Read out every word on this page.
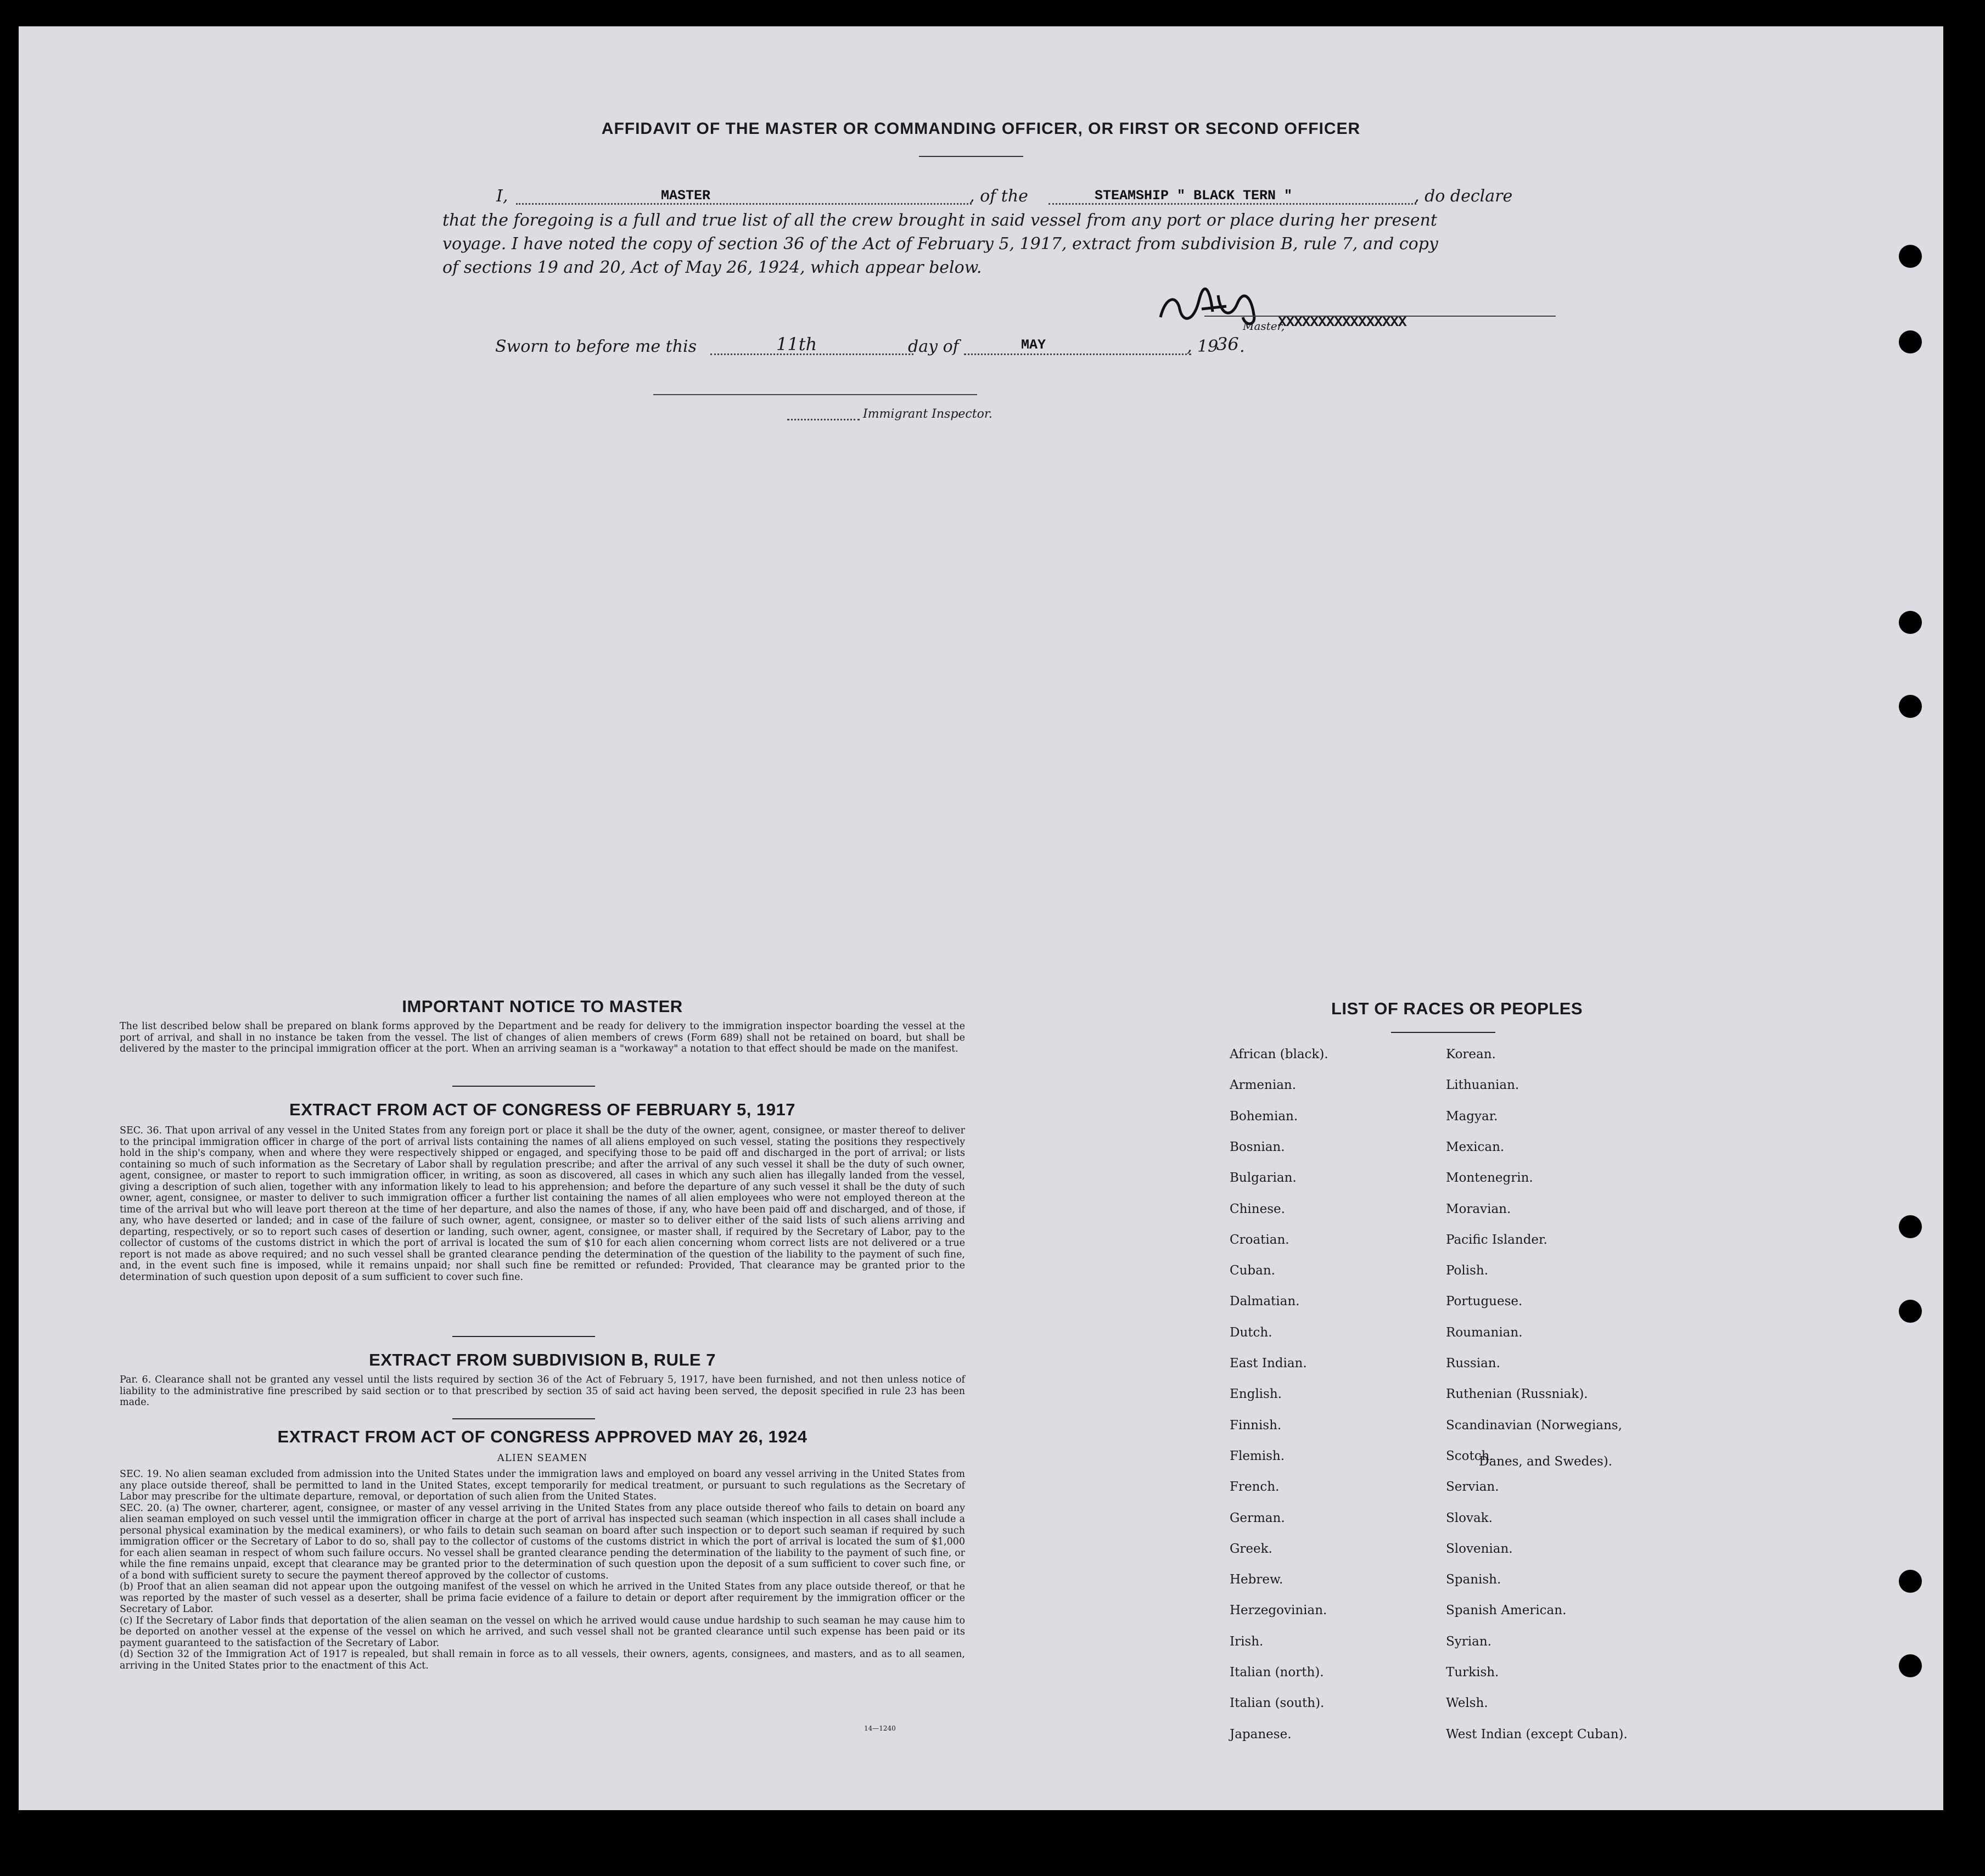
AFFIDAVIT OF THE MASTER OR COMMANDING OFFICER, OR FIRST OR SECOND OFFICER
I,	MASTER	, of the	STEAMSHIP " BLACK TERN "	, do declare
that the foregoing is a full and true list of all the crew brought in said vessel from any port or place during her present
voyage. I have noted the copy of section 36 of the Act of February 5, 1917, extract from subdivision B, rule 7, and copy
of sections 19 and 20, Act of May 26, 1924, which appear below.
Master,
XXXXXXXXXXXXXXXX
Sworn to before me this	11th	day of	MAY	, 19
36 .
Immigrant Inspector.
IMPORTANT NOTICE TO MASTER
The list described below shall be prepared on blank forms approved by the Department and be ready for delivery to the immigration inspector boarding the vessel at the port of arrival, and shall in no instance be taken from the vessel. The list of changes of alien members of crews (Form 689) shall not be retained on board, but shall be delivered by the master to the principal immigration officer at the port. When an arriving seaman is a "workaway" a notation to that effect should be made on the manifest.
EXTRACT FROM ACT OF CONGRESS OF FEBRUARY 5, 1917
SEC. 36. That upon arrival of any vessel in the United States from any foreign port or place it shall be the duty of the owner, agent, consignee, or master thereof to deliver to the principal immigration officer in charge of the port of arrival lists containing the names of all aliens employed on such vessel, stating the positions they respectively hold in the ship's company, when and where they were respectively shipped or engaged, and specifying those to be paid off and discharged in the port of arrival; or lists containing so much of such information as the Secretary of Labor shall by regulation prescribe; and after the arrival of any such vessel it shall be the duty of such owner, agent, consignee, or master to report to such immigration officer, in writing, as soon as discovered, all cases in which any such alien has illegally landed from the vessel, giving a description of such alien, together with any information likely to lead to his apprehension; and before the departure of any such vessel it shall be the duty of such owner, agent, consignee, or master to deliver to such immigration officer a further list containing the names of all alien employees who were not employed thereon at the time of the arrival but who will leave port thereon at the time of her departure, and also the names of those, if any, who have been paid off and discharged, and of those, if any, who have deserted or landed; and in case of the failure of such owner, agent, consignee, or master so to deliver either of the said lists of such aliens arriving and departing, respectively, or so to report such cases of desertion or landing, such owner, agent, consignee, or master shall, if required by the Secretary of Labor, pay to the collector of customs of the customs district in which the port of arrival is located the sum of $10 for each alien concerning whom correct lists are not delivered or a true report is not made as above required; and no such vessel shall be granted clearance pending the determination of the question of the liability to the payment of such fine, and, in the event such fine is imposed, while it remains unpaid; nor shall such fine be remitted or refunded: Provided, That clearance may be granted prior to the determination of such question upon deposit of a sum sufficient to cover such fine.
EXTRACT FROM SUBDIVISION B, RULE 7
Par. 6. Clearance shall not be granted any vessel until the lists required by section 36 of the Act of February 5, 1917, have been furnished, and not then unless notice of liability to the administrative fine prescribed by said section or to that prescribed by section 35 of said act having been served, the deposit specified in rule 23 has been made.
EXTRACT FROM ACT OF CONGRESS APPROVED MAY 26, 1924
ALIEN SEAMEN
SEC. 19. No alien seaman excluded from admission into the United States under the immigration laws and employed on board any vessel arriving in the United States from any place outside thereof, shall be permitted to land in the United States, except temporarily for medical treatment, or pursuant to such regulations as the Secretary of Labor may prescribe for the ultimate departure, removal, or deportation of such alien from the United States.
SEC. 20. (a) The owner, charterer, agent, consignee, or master of any vessel arriving in the United States from any place outside thereof who fails to detain on board any alien seaman employed on such vessel until the immigration officer in charge at the port of arrival has inspected such seaman (which inspection in all cases shall include a personal physical examination by the medical examiners), or who fails to detain such seaman on board after such inspection or to deport such seaman if required by such immigration officer or the Secretary of Labor to do so, shall pay to the collector of customs of the customs district in which the port of arrival is located the sum of $1,000 for each alien seaman in respect of whom such failure occurs. No vessel shall be granted clearance pending the determination of the liability to the payment of such fine, or while the fine remains unpaid, except that clearance may be granted prior to the determination of such question upon the deposit of a sum sufficient to cover such fine, or of a bond with sufficient surety to secure the payment thereof approved by the collector of customs.
(b) Proof that an alien seaman did not appear upon the outgoing manifest of the vessel on which he arrived in the United States from any place outside thereof, or that he was reported by the master of such vessel as a deserter, shall be prima facie evidence of a failure to detain or deport after requirement by the immigration officer or the Secretary of Labor.
(c) If the Secretary of Labor finds that deportation of the alien seaman on the vessel on which he arrived would cause undue hardship to such seaman he may cause him to be deported on another vessel at the expense of the vessel on which he arrived, and such vessel shall not be granted clearance until such expense has been paid or its payment guaranteed to the satisfaction of the Secretary of Labor.
(d) Section 32 of the Immigration Act of 1917 is repealed, but shall remain in force as to all vessels, their owners, agents, consignees, and masters, and as to all seamen, arriving in the United States prior to the enactment of this Act.
14—1240
LIST OF RACES OR PEOPLES
African (black).
Armenian.
Bohemian.
Bosnian.
Bulgarian.
Chinese.
Croatian.
Cuban.
Dalmatian.
Dutch.
East Indian.
English.
Finnish.
Flemish.
French.
German.
Greek.
Hebrew.
Herzegovinian.
Irish.
Italian (north).
Italian (south).
Japanese.
Korean.
Lithuanian.
Magyar.
Mexican.
Montenegrin.
Moravian.
Pacific Islander.
Polish.
Portuguese.
Roumanian.
Russian.
Ruthenian (Russniak).
Scandinavian (Norwegians,
Scotch.
Servian.
Slovak.
Slovenian.
Spanish.
Spanish American.
Syrian.
Turkish.
Welsh.
West Indian (except Cuban).
Danes, and Swedes).
